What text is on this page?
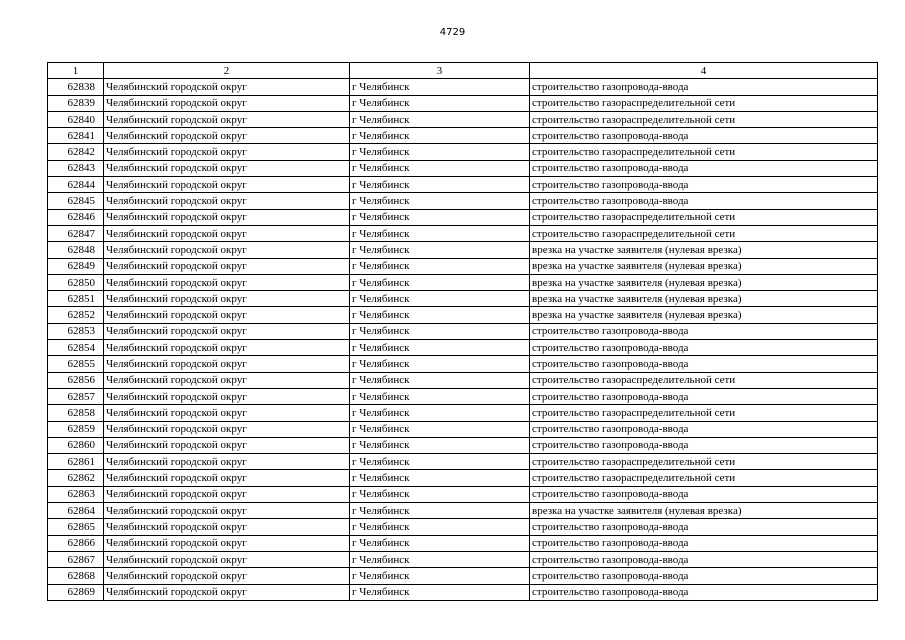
4729
1	2	3	4
62838	Челябинский городской округ	г Челябинск	строительство газопровода-ввода
62839	Челябинский городской округ	г Челябинск	строительство газораспределительной сети
62840	Челябинский городской округ	г Челябинск	строительство газораспределительной сети
62841	Челябинский городской округ	г Челябинск	строительство газопровода-ввода
62842	Челябинский городской округ	г Челябинск	строительство газораспределительной сети
62843	Челябинский городской округ	г Челябинск	строительство газопровода-ввода
62844	Челябинский городской округ	г Челябинск	строительство газопровода-ввода
62845	Челябинский городской округ	г Челябинск	строительство газопровода-ввода
62846	Челябинский городской округ	г Челябинск	строительство газораспределительной сети
62847	Челябинский городской округ	г Челябинск	строительство газораспределительной сети
62848	Челябинский городской округ	г Челябинск	врезка на участке заявителя (нулевая врезка)
62849	Челябинский городской округ	г Челябинск	врезка на участке заявителя (нулевая врезка)
62850	Челябинский городской округ	г Челябинск	врезка на участке заявителя (нулевая врезка)
62851	Челябинский городской округ	г Челябинск	врезка на участке заявителя (нулевая врезка)
62852	Челябинский городской округ	г Челябинск	врезка на участке заявителя (нулевая врезка)
62853	Челябинский городской округ	г Челябинск	строительство газопровода-ввода
62854	Челябинский городской округ	г Челябинск	строительство газопровода-ввода
62855	Челябинский городской округ	г Челябинск	строительство газопровода-ввода
62856	Челябинский городской округ	г Челябинск	строительство газораспределительной сети
62857	Челябинский городской округ	г Челябинск	строительство газопровода-ввода
62858	Челябинский городской округ	г Челябинск	строительство газораспределительной сети
62859	Челябинский городской округ	г Челябинск	строительство газопровода-ввода
62860	Челябинский городской округ	г Челябинск	строительство газопровода-ввода
62861	Челябинский городской округ	г Челябинск	строительство газораспределительной сети
62862	Челябинский городской округ	г Челябинск	строительство газораспределительной сети
62863	Челябинский городской округ	г Челябинск	строительство газопровода-ввода
62864	Челябинский городской округ	г Челябинск	врезка на участке заявителя (нулевая врезка)
62865	Челябинский городской округ	г Челябинск	строительство газопровода-ввода
62866	Челябинский городской округ	г Челябинск	строительство газопровода-ввода
62867	Челябинский городской округ	г Челябинск	строительство газопровода-ввода
62868	Челябинский городской округ	г Челябинск	строительство газопровода-ввода
62869	Челябинский городской округ	г Челябинск	строительство газопровода-ввода
